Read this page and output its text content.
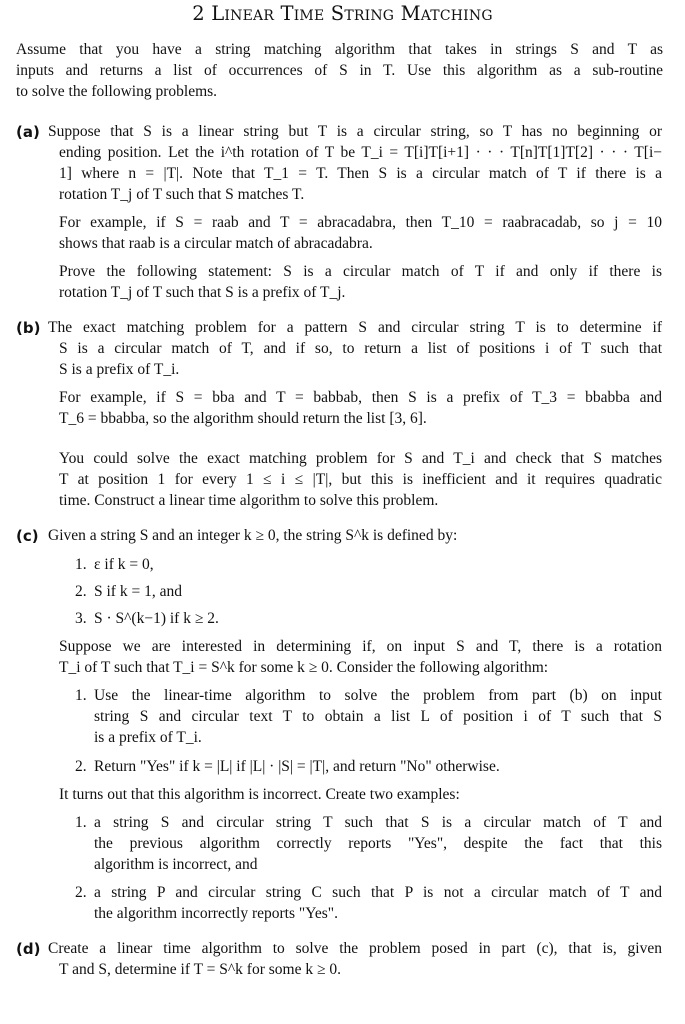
2 Linear Time String Matching
Assume that you have a string matching algorithm that takes in strings S and T as
inputs and returns a list of occurrences of S in T. Use this algorithm as a sub-routine
to solve the following problems.
(a) Suppose that S is a linear string but T is a circular string, so T has no beginning or
ending position. Let the i^th rotation of T be T_i = T[i]T[i+1] · · · T[n]T[1]T[2] · · · T[i−
1] where n = |T|. Note that T_1 = T. Then S is a circular match of T if there is a
rotation T_j of T such that S matches T.
For example, if S = raab and T = abracadabra, then T_10 = raabracadab, so j = 10
shows that raab is a circular match of abracadabra.
Prove the following statement: S is a circular match of T if and only if there is
rotation T_j of T such that S is a prefix of T_j.
(b) The exact matching problem for a pattern S and circular string T is to determine if
S is a circular match of T, and if so, to return a list of positions i of T such that
S is a prefix of T_i.
For example, if S = bba and T = babbab, then S is a prefix of T_3 = bbabba and
T_6 = bbabba, so the algorithm should return the list [3, 6].
You could solve the exact matching problem for S and T_i and check that S matches
T at position 1 for every 1 ≤ i ≤ |T|, but this is inefficient and it requires quadratic
time. Construct a linear time algorithm to solve this problem.
(c) Given a string S and an integer k ≥ 0, the string S^k is defined by:
1. ε if k = 0,
2. S if k = 1, and
3. S · S^(k−1) if k ≥ 2.
Suppose we are interested in determining if, on input S and T, there is a rotation
T_i of T such that T_i = S^k for some k ≥ 0. Consider the following algorithm:
1. Use the linear-time algorithm to solve the problem from part (b) on input
string S and circular text T to obtain a list L of position i of T such that S
is a prefix of T_i.
2. Return "Yes" if k = |L| if |L| · |S| = |T|, and return "No" otherwise.
It turns out that this algorithm is incorrect. Create two examples:
1. a string S and circular string T such that S is a circular match of T and
the previous algorithm correctly reports "Yes", despite the fact that this
algorithm is incorrect, and
2. a string P and circular string C such that P is not a circular match of T and
the algorithm incorrectly reports "Yes".
(d) Create a linear time algorithm to solve the problem posed in part (c), that is, given
T and S, determine if T = S^k for some k ≥ 0.
